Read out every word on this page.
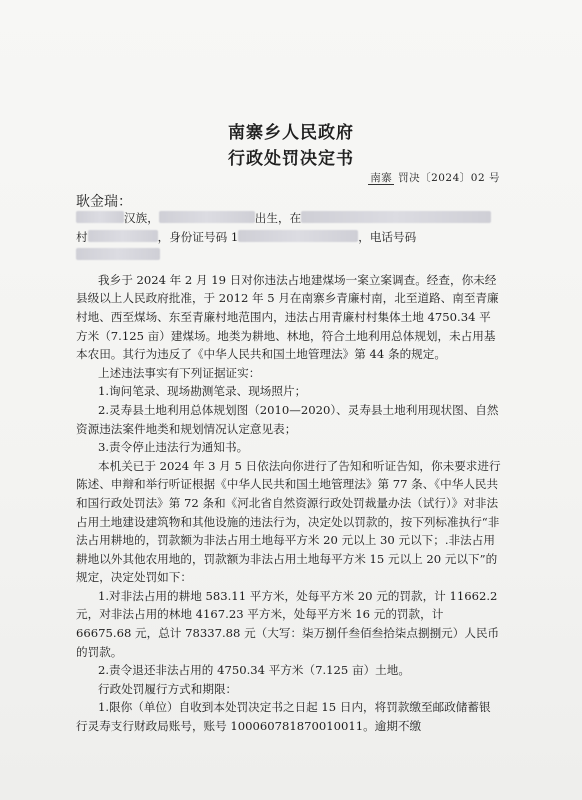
南寨乡人民政府

行政处罚决定书

南寨 罚决〔2024〕02 号
耿金瑞：

汉族，	出生，在

村	，身份证号码 1	，电话号码

我乡于 2024 年 2 月 19 日对你违法占地建煤场一案立案调查。经查，你未经县级以上人民政府批准，于 2012 年 5 月在南寨乡青廉村南，北至道路、南至青廉村地、西至煤场、东至青廉村地范围内，违法占用青廉村村集体土地 4750.34 平方米（7.125 亩）建煤场。地类为耕地、林地，符合土地利用总体规划，未占用基本农田。其行为违反了《中华人民共和国土地管理法》第 44 条的规定。

上述违法事实有下列证据证实：

1.询问笔录、现场勘测笔录、现场照片；

2.灵寿县土地利用总体规划图（2010—2020）、灵寿县土地利用现状图、自然资源违法案件地类和规划情况认定意见表；

3.责令停止违法行为通知书。

本机关已于 2024 年 3 月 5 日依法向你进行了告知和听证告知，你未要求进行陈述、申辩和举行听证根据《中华人民共和国土地管理法》第 77 条、《中华人民共和国行政处罚法》第 72 条和《河北省自然资源行政处罚裁量办法（试行）》对非法占用土地建设建筑物和其他设施的违法行为，决定处以罚款的，按下列标准执行“非法占用耕地的，罚款额为非法占用土地每平方米 20 元以上 30 元以下；.非法占用耕地以外其他农用地的，罚款额为非法占用土地每平方米 15 元以上 20 元以下”的规定，决定处罚如下：

1.对非法占用的耕地 583.11 平方米，处每平方米 20 元的罚款，计 11662.2 元，对非法占用的林地 4167.23 平方米，处每平方米 16 元的罚款，计 66675.68 元，总计 78337.88 元（大写：柒万捌仟叁佰叁拾柒点捌捌元）人民币的罚款。

2.责令退还非法占用的 4750.34 平方米（7.125 亩）土地。

行政处罚履行方式和期限：

1.限你（单位）自收到本处罚决定书之日起 15 日内，将罚款缴至邮政储蓄银行灵寿支行财政局账号，账号 100060781870010011。逾期不缴
